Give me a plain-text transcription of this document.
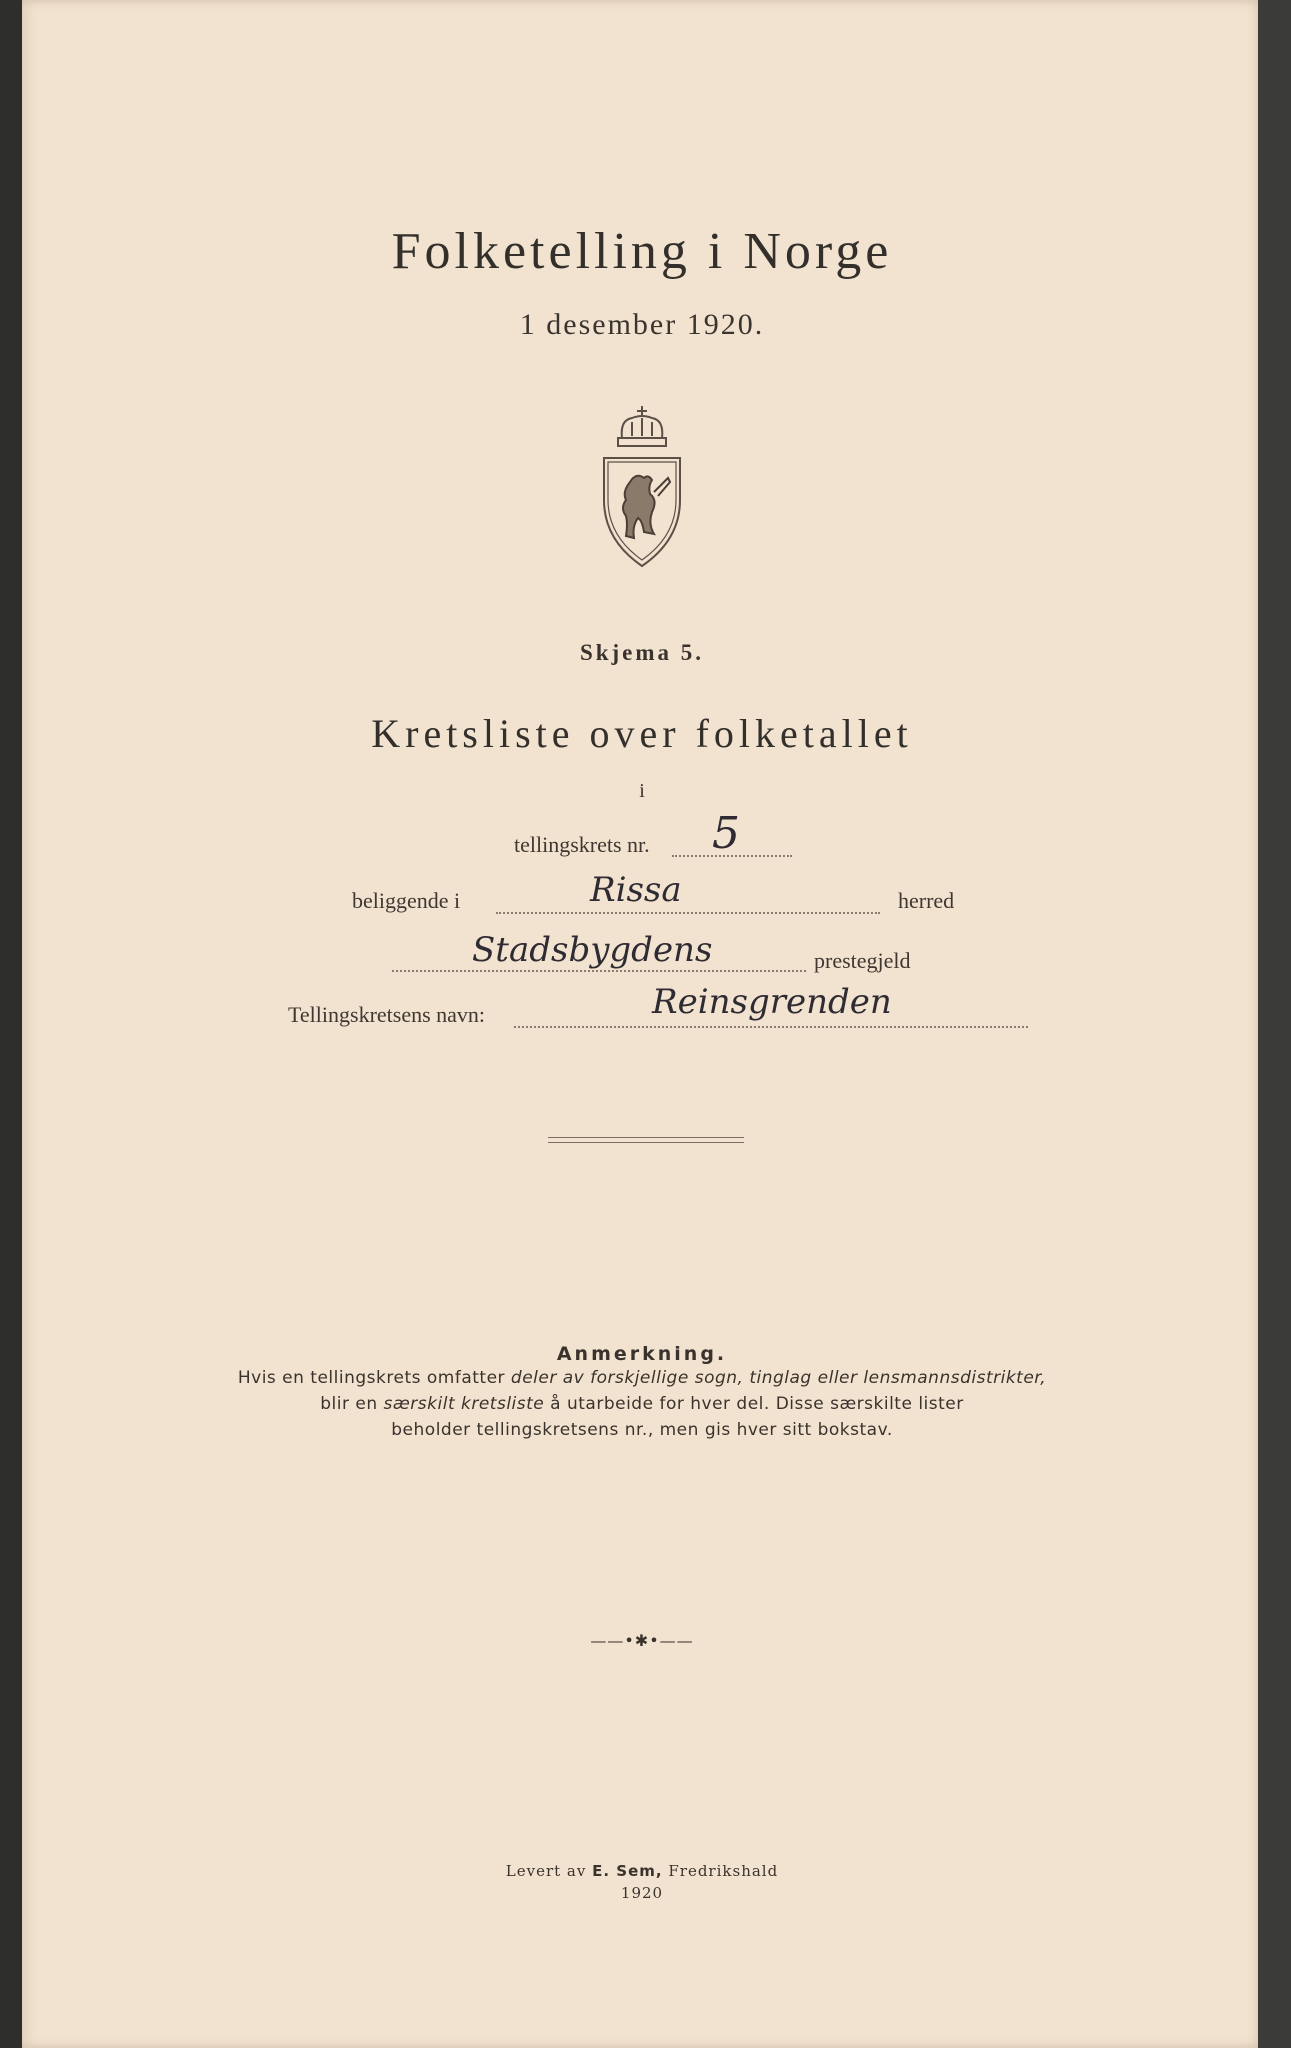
Folketelling i Norge
1 desember 1920.
Skjema 5.
Kretsliste over folketallet
i
tellingskrets nr. 5
beliggende i	Rissa	herred
Stadsbygdens	prestegjeld
Tellingskretsens navn:	Reinsgrenden
Anmerkning.
Hvis en tellingskrets omfatter deler av forskjellige sogn, tinglag eller lensmannsdistrikter,
blir en særskilt kretsliste å utarbeide for hver del. Disse særskilte lister
beholder tellingskretsens nr., men gis hver sitt bokstav.
——•✱•——
Levert av E. Sem, Fredrikshald
1920
